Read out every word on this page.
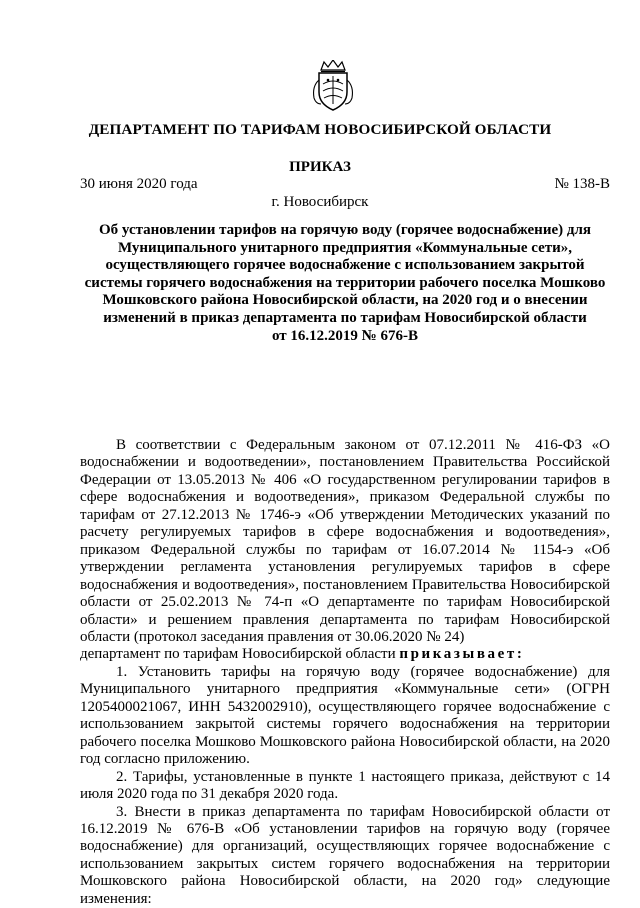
ДЕПАРТАМЕНТ ПО ТАРИФАМ НОВОСИБИРСКОЙ ОБЛАСТИ
ПРИКАЗ
30 июня 2020 года	№ 138-В
г. Новосибирск
Об установлении тарифов на горячую воду (горячее водоснабжение) для
Муниципального унитарного предприятия «Коммунальные сети»,
осуществляющего горячее водоснабжение с использованием закрытой
системы горячего водоснабжения на территории рабочего поселка Мошково
Мошковского района Новосибирской области, на 2020 год и о внесении
изменений в приказ департамента по тарифам Новосибирской области
от 16.12.2019 № 676-В

В соответствии с Федеральным законом от 07.12.2011 № 416-ФЗ «О водоснабжении и водоотведении», постановлением Правительства Российской Федерации от 13.05.2013 № 406 «О государственном регулировании тарифов в сфере водоснабжения и водоотведения», приказом Федеральной службы по тарифам от 27.12.2013 № 1746-э «Об утверждении Методических указаний по расчету регулируемых тарифов в сфере водоснабжения и водоотведения», приказом Федеральной службы по тарифам от 16.07.2014 № 1154-э «Об утверждении регламента установления регулируемых тарифов в сфере водоснабжения и водоотведения», постановлением Правительства Новосибирской области от 25.02.2013 № 74-п «О департаменте по тарифам Новосибирской области» и решением правления департамента по тарифам Новосибирской области (протокол заседания правления от 30.06.2020 № 24)

департамент по тарифам Новосибирской области приказывает:

1. Установить тарифы на горячую воду (горячее водоснабжение) для Муниципального унитарного предприятия «Коммунальные сети» (ОГРН 1205400021067, ИНН 5432002910), осуществляющего горячее водоснабжение с использованием закрытой системы горячего водоснабжения на территории рабочего поселка Мошково Мошковского района Новосибирской области, на 2020 год согласно приложению.

2. Тарифы, установленные в пункте 1 настоящего приказа, действуют с 14 июля 2020 года по 31 декабря 2020 года.

3. Внести в приказ департамента по тарифам Новосибирской области от 16.12.2019 № 676-В «Об установлении тарифов на горячую воду (горячее водоснабжение) для организаций, осуществляющих горячее водоснабжение с использованием закрытых систем горячего водоснабжения на территории Мошковского района Новосибирской области, на 2020 год» следующие изменения:
